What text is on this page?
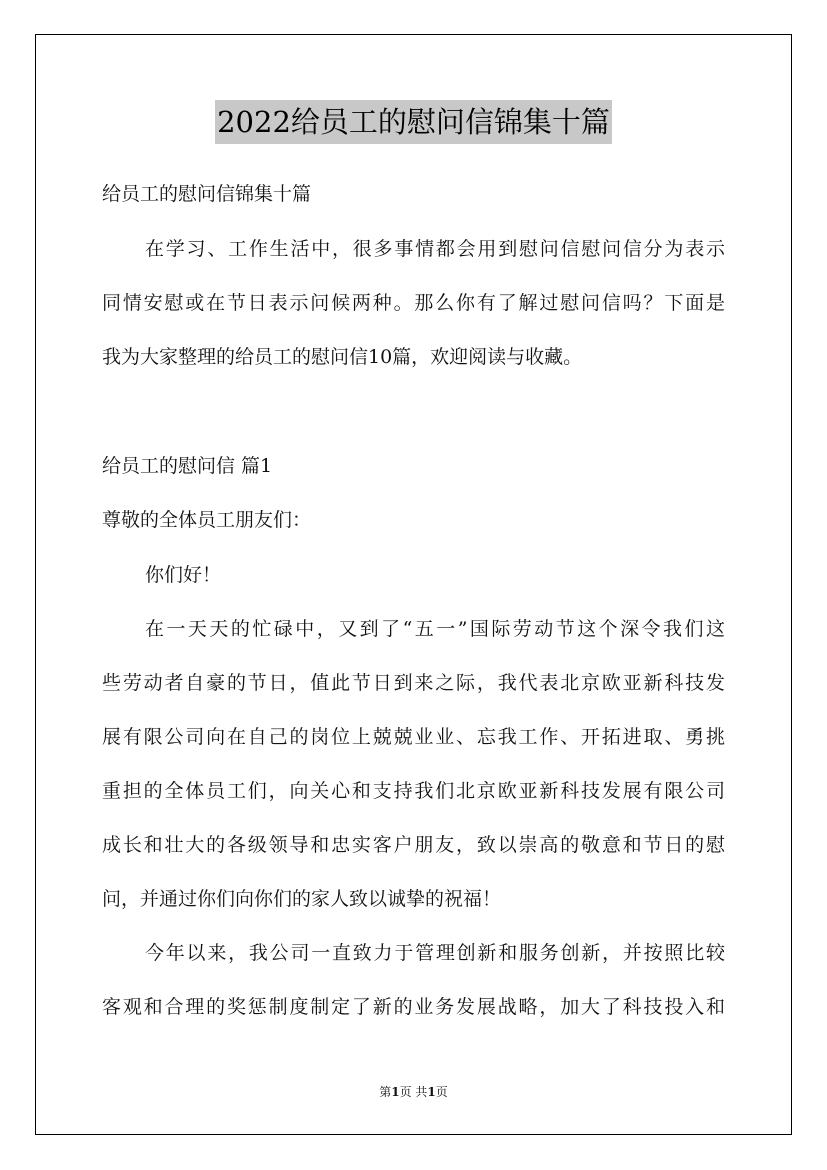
2022给员工的慰问信锦集十篇
给员工的慰问信锦集十篇
在学习、工作生活中，很多事情都会用到慰问信慰问信分为表示
同情安慰或在节日表示问候两种。那么你有了解过慰问信吗？下面是
我为大家整理的给员工的慰问信10篇，欢迎阅读与收藏。
给员工的慰问信 篇1
尊敬的全体员工朋友们：
你们好！
在一天天的忙碌中，又到了“五一”国际劳动节这个深令我们这
些劳动者自豪的节日，值此节日到来之际，我代表北京欧亚新科技发
展有限公司向在自己的岗位上兢兢业业、忘我工作、开拓进取、勇挑
重担的全体员工们，向关心和支持我们北京欧亚新科技发展有限公司
成长和壮大的各级领导和忠实客户朋友，致以崇高的敬意和节日的慰
问，并通过你们向你们的家人致以诚挚的祝福！
今年以来，我公司一直致力于管理创新和服务创新，并按照比较
客观和合理的奖惩制度制定了新的业务发展战略，加大了科技投入和
第1页 共1页
